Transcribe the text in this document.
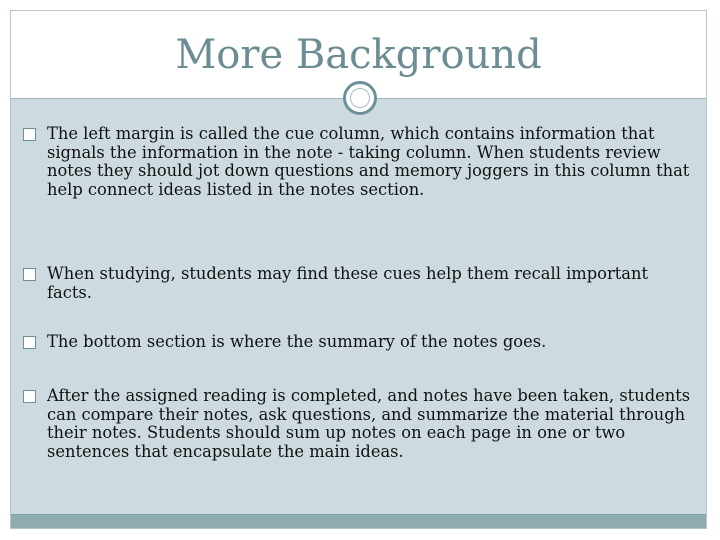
More Background
The left margin is called the cue column, which contains information that signals the information in the note - taking column. When students review notes they should jot down questions and memory joggers in this column that help connect ideas listed in the notes section.
When studying, students may find these cues help them recall important facts.
The bottom section is where the summary of the notes goes.
After the assigned reading is completed, and notes have been taken, students can compare their notes, ask questions, and summarize the material through their notes. Students should sum up notes on each page in one or two sentences that encapsulate the main ideas.
